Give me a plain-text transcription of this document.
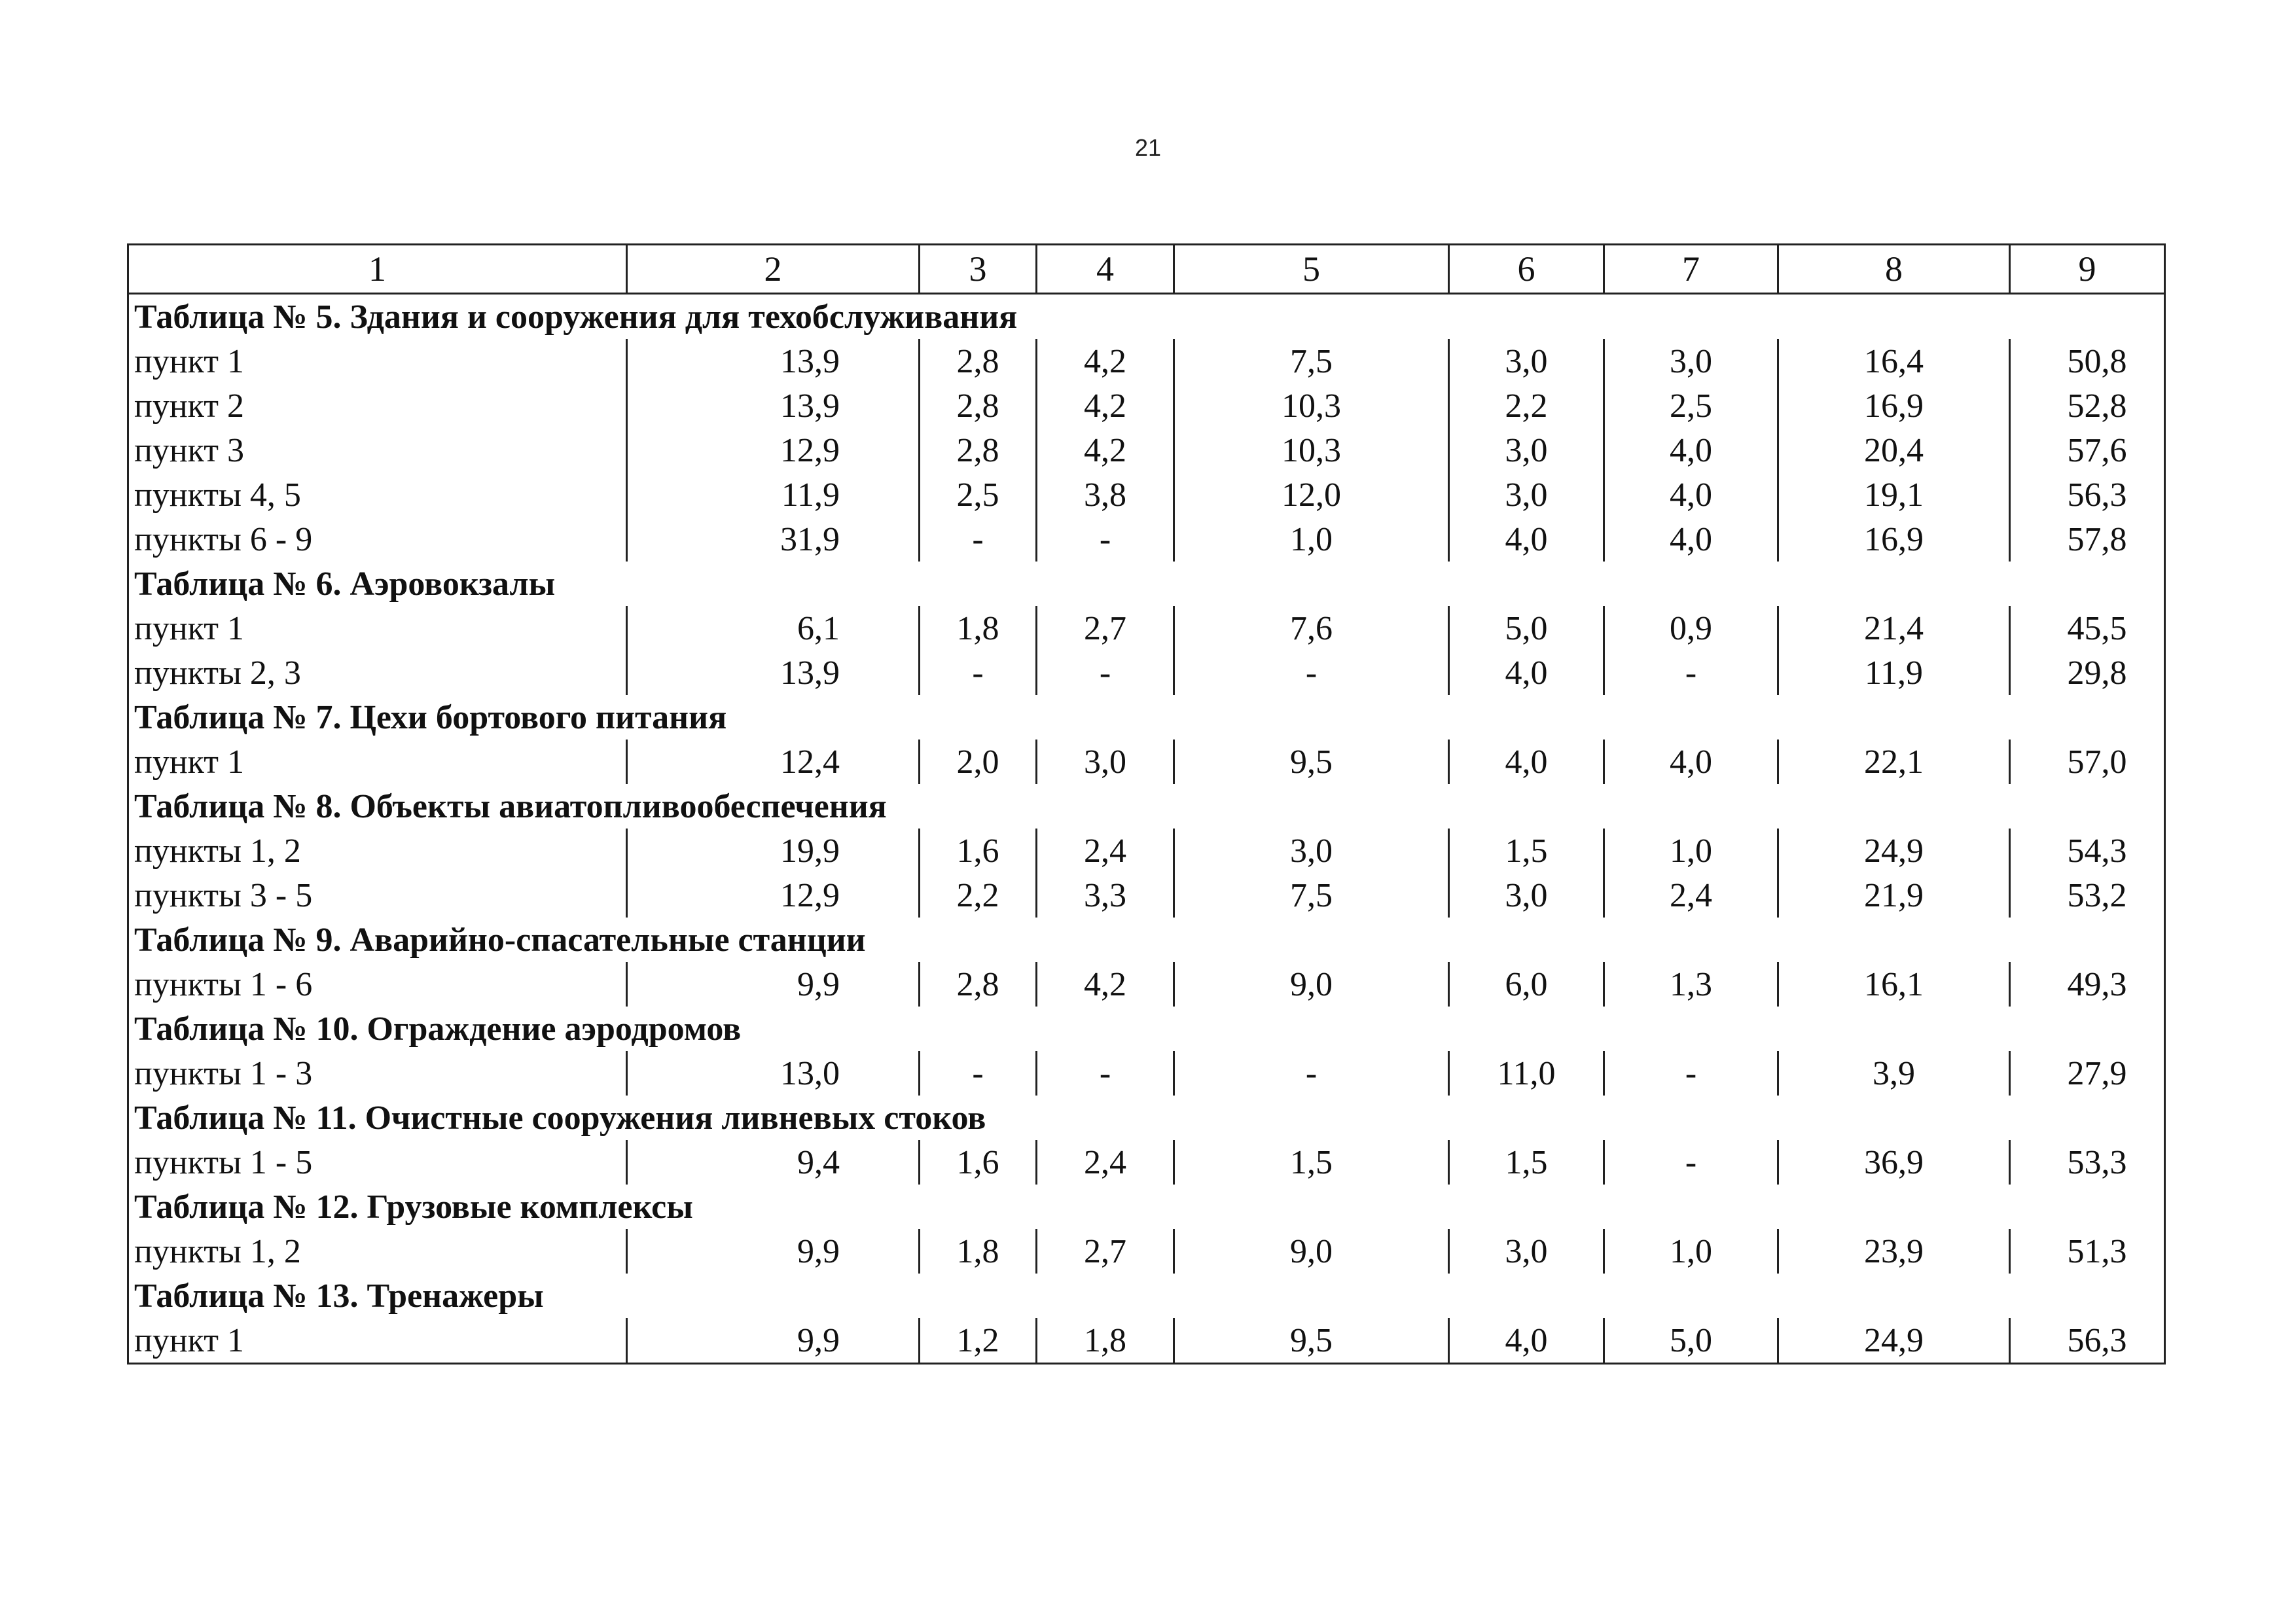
21
1	2	3	4	5	6	7	8	9
Таблица № 5. Здания и сооружения для техобслуживания								
пункт 1	13,9	2,8	4,2	7,5	3,0	3,0	16,4	50,8
пункт 2	13,9	2,8	4,2	10,3	2,2	2,5	16,9	52,8
пункт 3	12,9	2,8	4,2	10,3	3,0	4,0	20,4	57,6
пункты 4, 5	11,9	2,5	3,8	12,0	3,0	4,0	19,1	56,3
пункты 6 - 9	31,9	-	-	1,0	4,0	4,0	16,9	57,8
Таблица № 6. Аэровокзалы								
пункт 1	6,1	1,8	2,7	7,6	5,0	0,9	21,4	45,5
пункты 2, 3	13,9	-	-	-	4,0	-	11,9	29,8
Таблица № 7. Цехи бортового питания								
пункт 1	12,4	2,0	3,0	9,5	4,0	4,0	22,1	57,0
Таблица № 8. Объекты авиатопливообеспечения								
пункты 1, 2	19,9	1,6	2,4	3,0	1,5	1,0	24,9	54,3
пункты 3 - 5	12,9	2,2	3,3	7,5	3,0	2,4	21,9	53,2
Таблица № 9. Аварийно-спасательные станции								
пункты 1 - 6	9,9	2,8	4,2	9,0	6,0	1,3	16,1	49,3
Таблица № 10. Ограждение аэродромов								
пункты 1 - 3	13,0	-	-	-	11,0	-	3,9	27,9
Таблица № 11. Очистные сооружения ливневых стоков								
пункты 1 - 5	9,4	1,6	2,4	1,5	1,5	-	36,9	53,3
Таблица № 12. Грузовые комплексы								
пункты 1, 2	9,9	1,8	2,7	9,0	3,0	1,0	23,9	51,3
Таблица № 13. Тренажеры								
пункт 1	9,9	1,2	1,8	9,5	4,0	5,0	24,9	56,3
